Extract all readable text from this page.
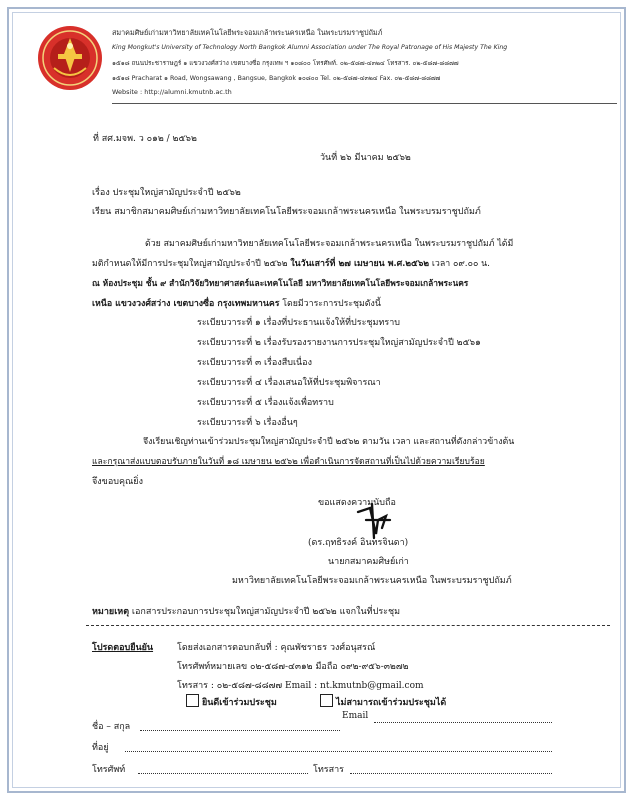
สมาคมศิษย์เก่ามหาวิทยาลัยเทคโนโลยีพระจอมเกล้าพระนครเหนือ ในพระบรมราชูปถัมภ์
King Mongkut's University of Technology North Bangkok Alumni Association under The Royal Patronage of His Majesty The King
๑๕๑๘ ถนนประชาราษฎร์ ๑ แขวงวงศ์สว่าง เขตบางซื่อ กรุงเทพ ฯ ๑๐๘๐๐ โทรศัพท์. ๐๒-๕๘๗-๔๓๒๔ โทรสาร. ๐๒-๕๘๗-๘๘๗๗
๑๕๑๘ Pracharat ๑ Road, Wongsawang , Bangsue, Bangkok ๑๐๘๐๐ Tel. ๐๒-๕๘๗-๔๓๒๔ Fax. ๐๒-๕๘๗-๘๘๗๗
Website : http://alumni.kmutnb.ac.th
ที่ สศ.มจพ. ว ๐๑๒ / ๒๕๖๒
วันที่ ๒๖ มีนาคม ๒๕๖๒
เรื่อง ประชุมใหญ่สามัญประจำปี ๒๕๖๒
เรียน สมาชิกสมาคมศิษย์เก่ามหาวิทยาลัยเทคโนโลยีพระจอมเกล้าพระนครเหนือ ในพระบรมราชูปถัมภ์
ด้วย สมาคมศิษย์เก่ามหาวิทยาลัยเทคโนโลยีพระจอมเกล้าพระนครเหนือ ในพระบรมราชูปถัมภ์ ได้มี
มติกำหนดให้มีการประชุมใหญ่สามัญประจำปี ๒๕๖๒ ในวันเสาร์ที่ ๒๗ เมษายน พ.ศ.๒๕๖๒ เวลา ๐๙.๐๐ น.
ณ ห้องประชุม ชั้น ๙ สำนักวิจัยวิทยาศาสตร์และเทคโนโลยี มหาวิทยาลัยเทคโนโลยีพระจอมเกล้าพระนคร
เหนือ แขวงวงศ์สว่าง เขตบางซื่อ กรุงเทพมหานคร โดยมีวาระการประชุมดังนี้
ระเบียบวาระที่ ๑ เรื่องที่ประธานแจ้งให้ที่ประชุมทราบ
ระเบียบวาระที่ ๒ เรื่องรับรองรายงานการประชุมใหญ่สามัญประจำปี ๒๕๖๑
ระเบียบวาระที่ ๓ เรื่องสืบเนื่อง
ระเบียบวาระที่ ๔ เรื่องเสนอให้ที่ประชุมพิจารณา
ระเบียบวาระที่ ๕ เรื่องแจ้งเพื่อทราบ
ระเบียบวาระที่ ๖ เรื่องอื่นๆ
จึงเรียนเชิญท่านเข้าร่วมประชุมใหญ่สามัญประจำปี ๒๕๖๒ ตามวัน เวลา และสถานที่ดังกล่าวข้างต้น
และกรุณาส่งแบบตอบรับภายในวันที่ ๑๘ เมษายน ๒๕๖๒ เพื่อดำเนินการจัดสถานที่เป็นไปด้วยความเรียบร้อย
จึงขอบคุณยิ่ง
ขอแสดงความนับถือ
(ดร.ฤทธิรงค์ อินทรจินดา)
นายกสมาคมศิษย์เก่า
มหาวิทยาลัยเทคโนโลยีพระจอมเกล้าพระนครเหนือ ในพระบรมราชูปถัมภ์
หมายเหตุ เอกสารประกอบการประชุมใหญ่สามัญประจำปี ๒๕๖๒ แจกในที่ประชุม
โปรดตอบยืนยัน	โดยส่งเอกสารตอบกลับที่ : คุณพัชราธร วงศ์อนุสรณ์
โทรศัพท์หมายเลข ๐๒-๕๘๗-๔๓๑๒ มือถือ ๐๙๒-๙๕๖-๓๒๗๒
โทรสาร : ๐๒-๕๘๗-๘๘๗๗ Email : nt.kmutnb@gmail.com
ยินดีเข้าร่วมประชุม	ไม่สามารถเข้าร่วมประชุมได้
ชื่อ – สกุล
Email
ที่อยู่
โทรศัพท์	โทรสาร
